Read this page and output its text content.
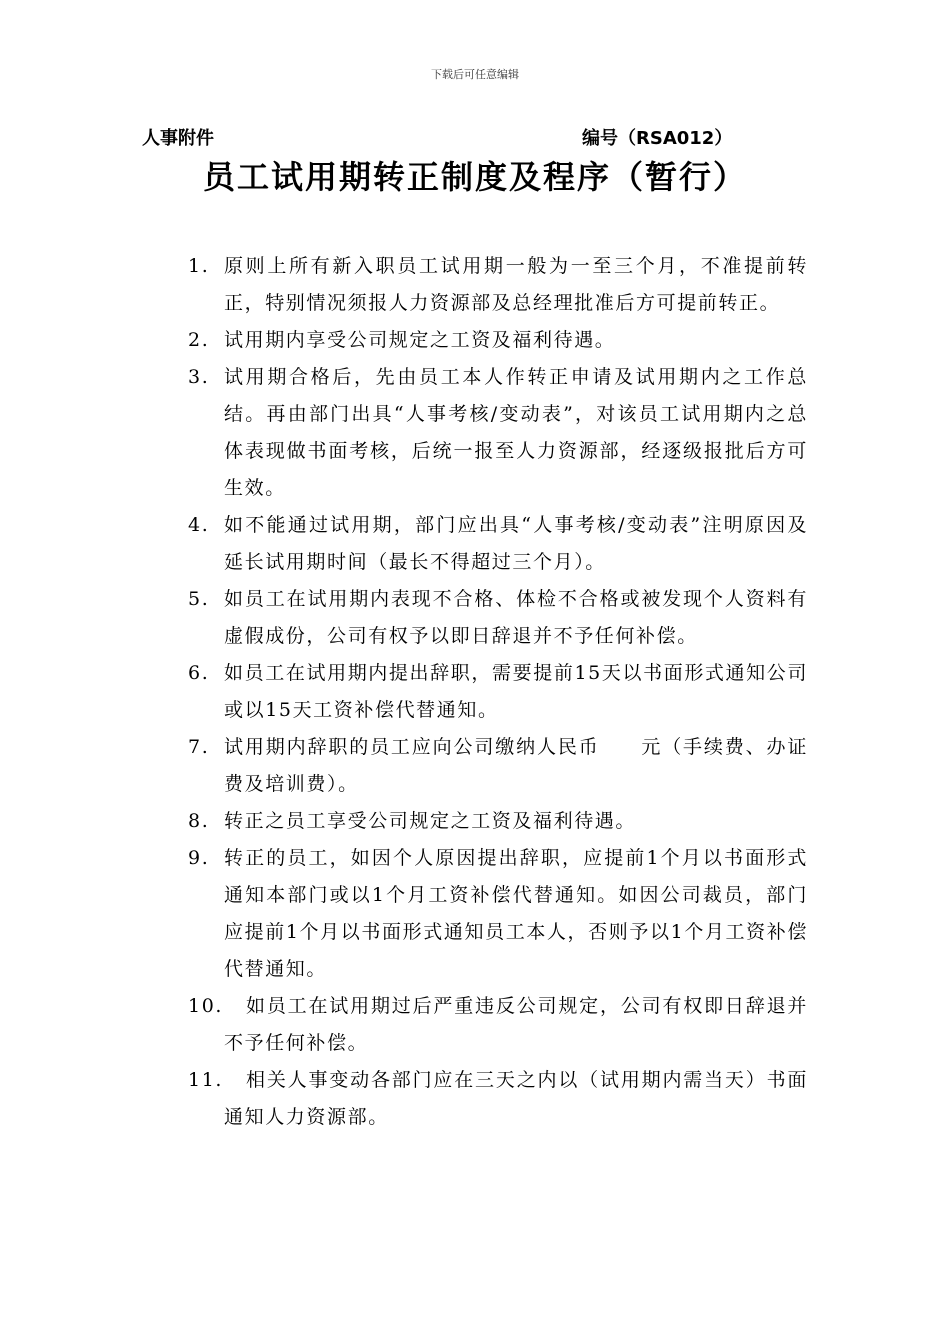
下载后可任意编辑
人事附件	编号（RSA012）
员工试用期转正制度及程序（暂行）
1. 原则上所有新入职员工试用期一般为一至三个月，不准提前转正，特别情况须报人力资源部及总经理批准后方可提前转正。
2. 试用期内享受公司规定之工资及福利待遇。
3. 试用期合格后，先由员工本人作转正申请及试用期内之工作总结。再由部门出具“人事考核/变动表”，对该员工试用期内之总体表现做书面考核，后统一报至人力资源部，经逐级报批后方可生效。
4. 如不能通过试用期，部门应出具“人事考核/变动表”注明原因及延长试用期时间（最长不得超过三个月）。
5. 如员工在试用期内表现不合格、体检不合格或被发现个人资料有虚假成份，公司有权予以即日辞退并不予任何补偿。
6. 如员工在试用期内提出辞职，需要提前15天以书面形式通知公司或以15天工资补偿代替通知。
7. 试用期内辞职的员工应向公司缴纳人民币　　元（手续费、办证费及培训费）。
8. 转正之员工享受公司规定之工资及福利待遇。
9. 转正的员工，如因个人原因提出辞职，应提前1个月以书面形式通知本部门或以1个月工资补偿代替通知。如因公司裁员，部门应提前1个月以书面形式通知员工本人，否则予以1个月工资补偿代替通知。
10.	如员工在试用期过后严重违反公司规定，公司有权即日辞退并不予任何补偿。
11.	相关人事变动各部门应在三天之内以（试用期内需当天）书面通知人力资源部。
